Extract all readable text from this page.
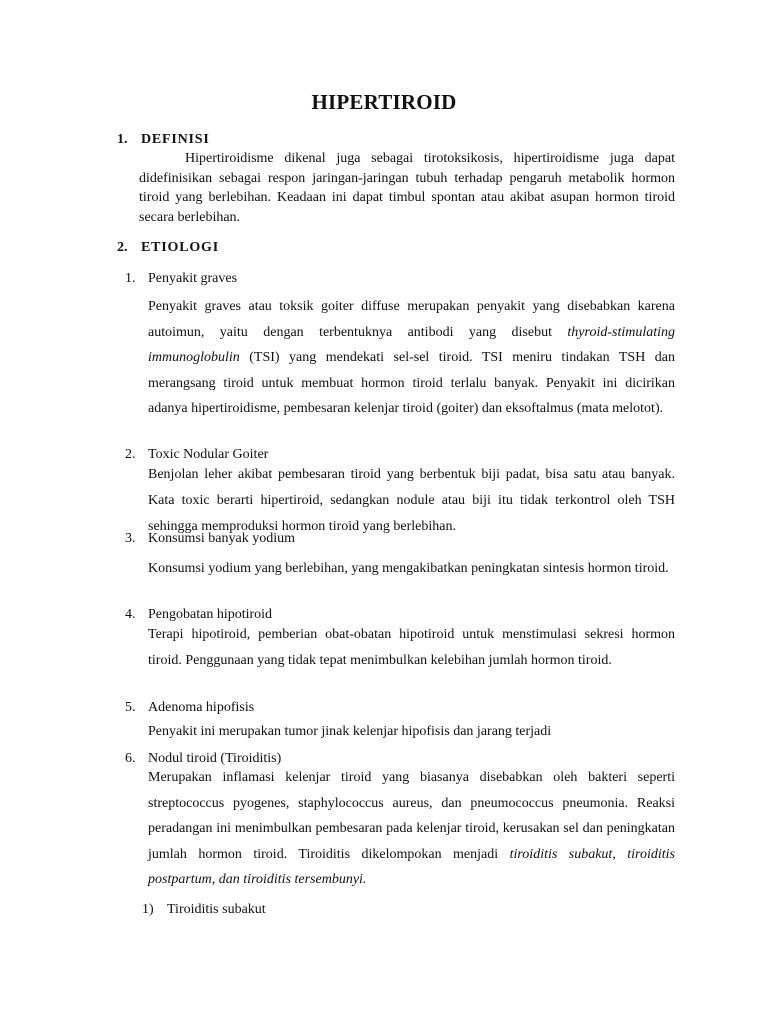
HIPERTIROID
1. DEFINISI
Hipertiroidisme dikenal juga sebagai tirotoksikosis, hipertiroidisme juga dapat didefinisikan sebagai respon jaringan-jaringan tubuh terhadap pengaruh metabolik hormon tiroid yang berlebihan. Keadaan ini dapat timbul spontan atau akibat asupan hormon tiroid secara berlebihan.
2. ETIOLOGI
1. Penyakit graves
Penyakit graves atau toksik goiter diffuse merupakan penyakit yang disebabkan karena autoimun, yaitu dengan terbentuknya antibodi yang disebut thyroid-stimulating immunoglobulin (TSI) yang mendekati sel-sel tiroid. TSI meniru tindakan TSH dan merangsang tiroid untuk membuat hormon tiroid terlalu banyak. Penyakit ini dicirikan adanya hipertiroidisme, pembesaran kelenjar tiroid (goiter) dan eksoftalmus (mata melotot).
2. Toxic Nodular Goiter
Benjolan leher akibat pembesaran tiroid yang berbentuk biji padat, bisa satu atau banyak. Kata toxic berarti hipertiroid, sedangkan nodule atau biji itu tidak terkontrol oleh TSH sehingga memproduksi hormon tiroid yang berlebihan.
3. Konsumsi banyak yodium
Konsumsi yodium yang berlebihan, yang mengakibatkan peningkatan sintesis hormon tiroid.
4. Pengobatan hipotiroid
Terapi hipotiroid, pemberian obat-obatan hipotiroid untuk menstimulasi sekresi hormon tiroid. Penggunaan yang tidak tepat menimbulkan kelebihan jumlah hormon tiroid.
5. Adenoma hipofisis
Penyakit ini merupakan tumor jinak kelenjar hipofisis dan jarang terjadi
6. Nodul tiroid (Tiroiditis)
Merupakan inflamasi kelenjar tiroid yang biasanya disebabkan oleh bakteri seperti streptococcus pyogenes, staphylococcus aureus, dan pneumococcus pneumonia. Reaksi peradangan ini menimbulkan pembesaran pada kelenjar tiroid, kerusakan sel dan peningkatan jumlah hormon tiroid. Tiroiditis dikelompokan menjadi tiroiditis subakut, tiroiditis postpartum, dan tiroiditis tersembunyi.
1) Tiroiditis subakut
